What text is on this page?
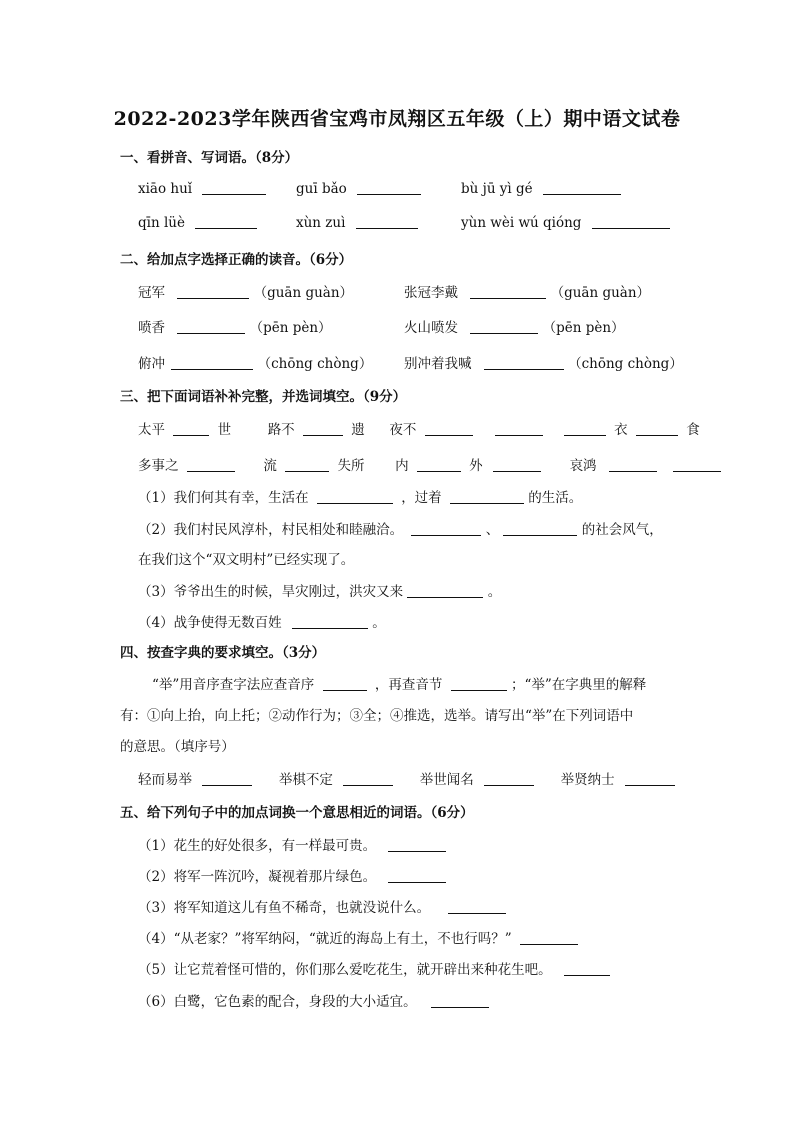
2022-2023学年陕西省宝鸡市凤翔区五年级（上）期中语文试卷
一、看拼音、写词语。（8分）
xiāo huǐ	guī bǎo	bù jū yì gé
qīn lüè	xùn zuì	yùn wèi wú qióng
二、给加点字选择正确的读音。（6分）
冠军	（guān guàn）	张冠李戴	（guān guàn）
喷香	（pēn pèn）	火山喷发	（pēn pèn）
俯冲	（chōng chòng） 别冲着我喊	（chōng chòng）
三、把下面词语补补完整，并选词填空。（9分）
太平	世	路不	遗 夜不	衣	食
多事之	流	失所 内	外	哀鸿
（1）我们何其有幸，生活在	，过着	的生活。
（2）我们村民风淳朴，村民相处和睦融洽。	、	的社会风气，
在我们这个“双文明村”已经实现了。
（3）爷爷出生的时候，旱灾刚过，洪灾又来	。
（4）战争使得无数百姓	。
四、按查字典的要求填空。（3分）
“举”用音序查字法应查音序	，再查音节	；“举”在字典里的解释
有：①向上抬，向上托；②动作行为；③全；④推选，选举。请写出“举”在下列词语中
的意思。（填序号）
轻而易举	举棋不定	举世闻名	举贤纳士
五、给下列句子中的加点词换一个意思相近的词语。（6分）
（1）花生的好处很多，有一样最可贵。
（2）将军一阵沉吟，凝视着那片绿色。
（3）将军知道这儿有鱼不稀奇，也就没说什么。
（4）“从老家？”将军纳闷，“就近的海岛上有土，不也行吗？”
（5）让它荒着怪可惜的，你们那么爱吃花生，就开辟出来种花生吧。
（6）白鹭，它色素的配合，身段的大小适宜。
